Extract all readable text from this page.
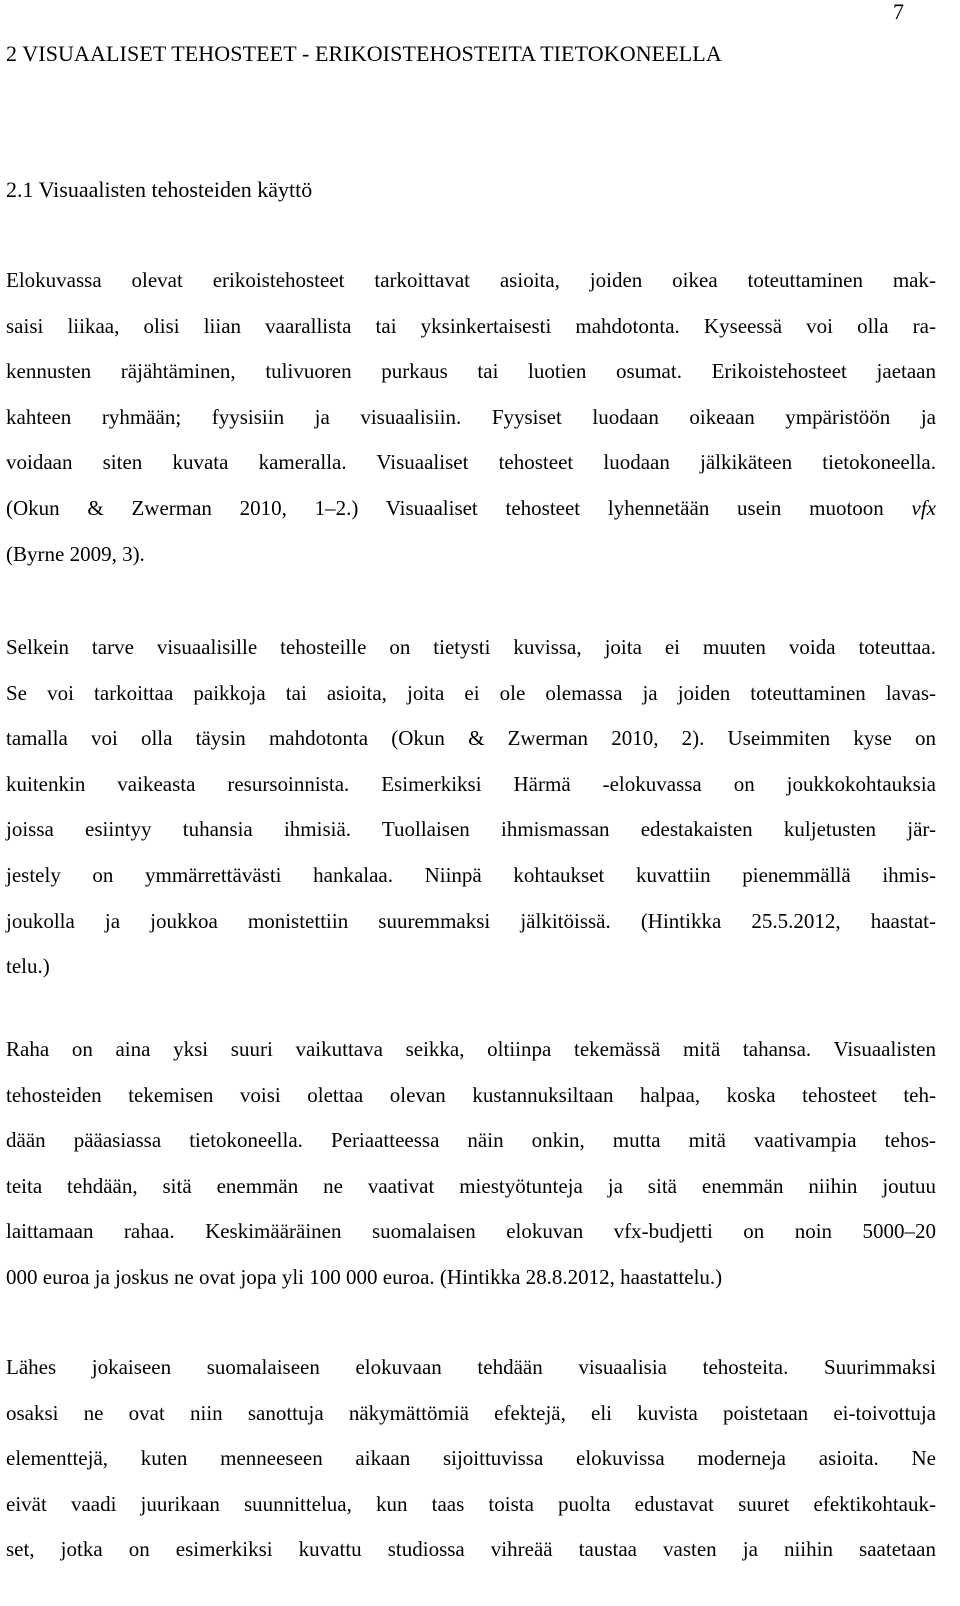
7
2 VISUAALISET TEHOSTEET - ERIKOISTEHOSTEITA TIETOKONEELLA
2.1 Visuaalisten tehosteiden käyttö
Elokuvassa olevat erikoistehosteet tarkoittavat asioita, joiden oikea toteuttaminen mak-
saisi liikaa, olisi liian vaarallista tai yksinkertaisesti mahdotonta. Kyseessä voi olla ra-
kennusten räjähtäminen, tulivuoren purkaus tai luotien osumat. Erikoistehosteet jaetaan
kahteen ryhmään; fyysisiin ja visuaalisiin. Fyysiset luodaan oikeaan ympäristöön ja
voidaan siten kuvata kameralla. Visuaaliset tehosteet luodaan jälkikäteen tietokoneella.
(Okun & Zwerman 2010, 1–2.) Visuaaliset tehosteet lyhennetään usein muotoon vfx
(Byrne 2009, 3).
Selkein tarve visuaalisille tehosteille on tietysti kuvissa, joita ei muuten voida toteuttaa.
Se voi tarkoittaa paikkoja tai asioita, joita ei ole olemassa ja joiden toteuttaminen lavas-
tamalla voi olla täysin mahdotonta (Okun & Zwerman 2010, 2). Useimmiten kyse on
kuitenkin vaikeasta resursoinnista. Esimerkiksi Härmä -elokuvassa on joukkokohtauksia
joissa esiintyy tuhansia ihmisiä. Tuollaisen ihmismassan edestakaisten kuljetusten jär-
jestely on ymmärrettävästi hankalaa. Niinpä kohtaukset kuvattiin pienemmällä ihmis-
joukolla ja joukkoa monistettiin suuremmaksi jälkitöissä. (Hintikka 25.5.2012, haastat-
telu.)
Raha on aina yksi suuri vaikuttava seikka, oltiinpa tekemässä mitä tahansa. Visuaalisten
tehosteiden tekemisen voisi olettaa olevan kustannuksiltaan halpaa, koska tehosteet teh-
dään pääasiassa tietokoneella. Periaatteessa näin onkin, mutta mitä vaativampia tehos-
teita tehdään, sitä enemmän ne vaativat miestyötunteja ja sitä enemmän niihin joutuu
laittamaan rahaa. Keskimääräinen suomalaisen elokuvan vfx-budjetti on noin 5000–20
000 euroa ja joskus ne ovat jopa yli 100 000 euroa. (Hintikka 28.8.2012, haastattelu.)
Lähes jokaiseen suomalaiseen elokuvaan tehdään visuaalisia tehosteita. Suurimmaksi
osaksi ne ovat niin sanottuja näkymättömiä efektejä, eli kuvista poistetaan ei-toivottuja
elementtejä, kuten menneeseen aikaan sijoittuvissa elokuvissa moderneja asioita. Ne
eivät vaadi juurikaan suunnittelua, kun taas toista puolta edustavat suuret efektikohtauk-
set, jotka on esimerkiksi kuvattu studiossa vihreää taustaa vasten ja niihin saatetaan
